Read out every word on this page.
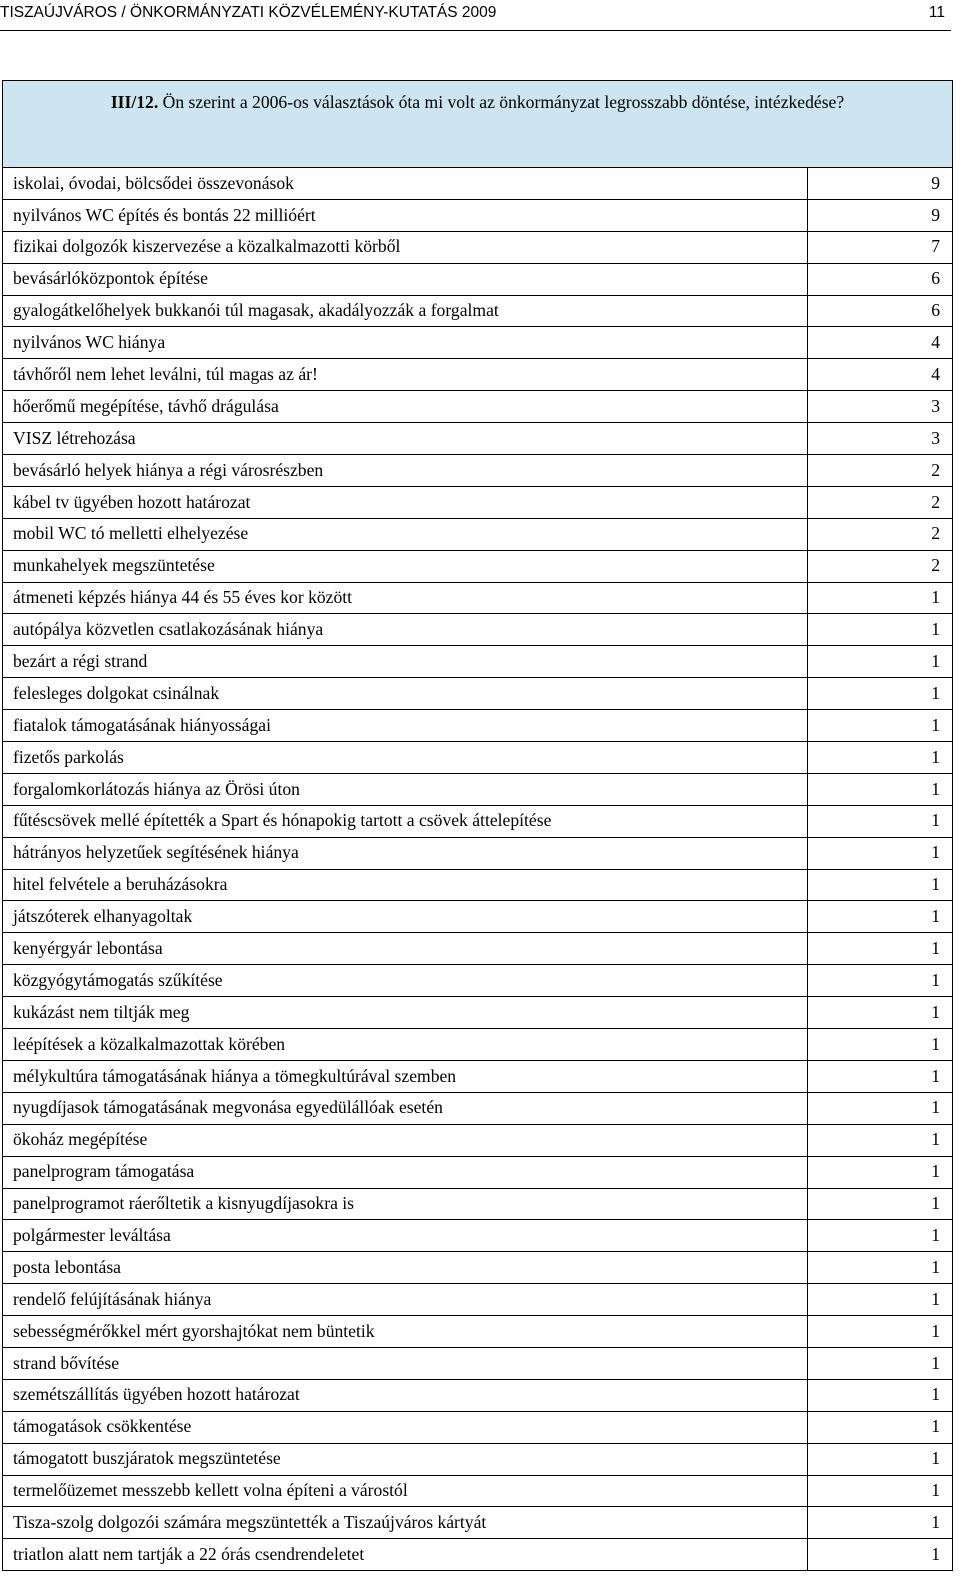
TISZAÚJVÁROS / ÖNKORMÁNYZATI KÖZVÉLEMÉNY-KUTATÁS 2009	11
III/12. Ön szerint a 2006-os választások óta mi volt az önkormányzat legrosszabb döntése, intézkedése?	

iskolai, óvodai, bölcsődei összevonások	9
nyilvános WC építés és bontás 22 millióért	9
fizikai dolgozók kiszervezése a közalkalmazotti körből	7
bevásárlóközpontok építése	6
gyalogátkelőhelyek bukkanói túl magasak, akadályozzák a forgalmat	6
nyilvános WC hiánya	4
távhőről nem lehet leválni, túl magas az ár!	4
hőerőmű megépítése, távhő drágulása	3
VISZ létrehozása	3
bevásárló helyek hiánya a régi városrészben	2
kábel tv ügyében hozott határozat	2
mobil WC tó melletti elhelyezése	2
munkahelyek megszüntetése	2
átmeneti képzés hiánya 44 és 55 éves kor között	1
autópálya közvetlen csatlakozásának hiánya	1
bezárt a régi strand	1
felesleges dolgokat csinálnak	1
fiatalok támogatásának hiányosságai	1
fizetős parkolás	1
forgalomkorlátozás hiánya az Örösi úton	1
fűtéscsövek mellé építették a Spart és hónapokig tartott a csövek áttelepítése	1
hátrányos helyzetűek segítésének hiánya	1
hitel felvétele a beruházásokra	1
játszóterek elhanyagoltak	1
kenyérgyár lebontása	1
közgyógytámogatás szűkítése	1
kukázást nem tiltják meg	1
leépítések a közalkalmazottak körében	1
mélykultúra támogatásának hiánya a tömegkultúrával szemben	1
nyugdíjasok támogatásának megvonása egyedülállóak esetén	1
ökoház megépítése	1
panelprogram támogatása	1
panelprogramot ráerőltetik a kisnyugdíjasokra is	1
polgármester leváltása	1
posta lebontása	1
rendelő felújításának hiánya	1
sebességmérőkkel mért gyorshajtókat nem büntetik	1
strand bővítése	1
szemétszállítás ügyében hozott határozat	1
támogatások csökkentése	1
támogatott buszjáratok megszüntetése	1
termelőüzemet messzebb kellett volna építeni a várostól	1
Tisza-szolg dolgozói számára megszüntették a Tiszaújváros kártyát	1
triatlon alatt nem tartják a 22 órás csendrendeletet	1
